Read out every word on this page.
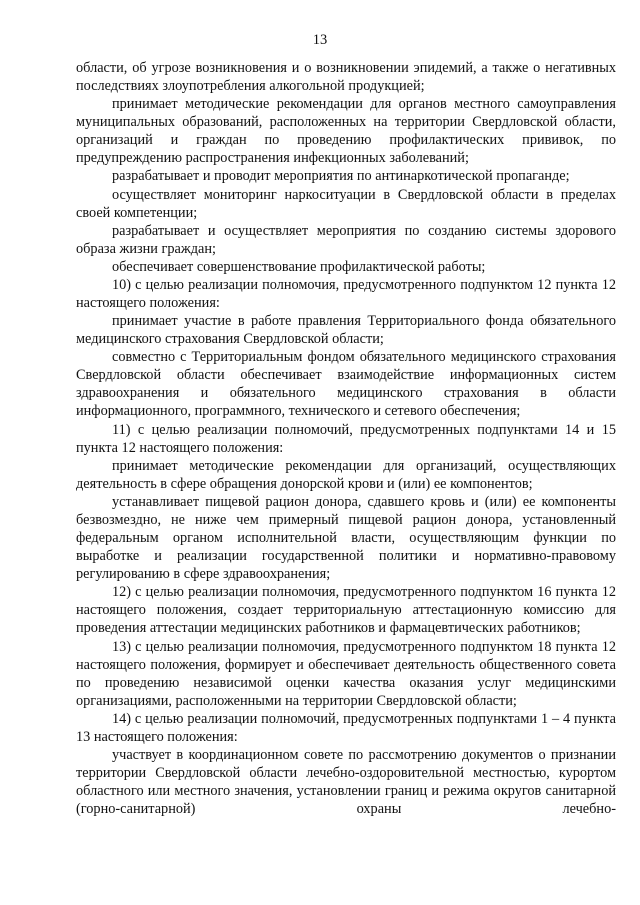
13

области, об угрозе возникновения и о возникновении эпидемий, а также о негативных последствиях злоупотребления алкогольной продукцией;

принимает методические рекомендации для органов местного самоуправления муниципальных образований, расположенных на территории Свердловской области, организаций и граждан по проведению профилактических прививок, по предупреждению распространения инфекционных заболеваний;

разрабатывает и проводит мероприятия по антинаркотической пропаганде;

осуществляет мониторинг наркоситуации в Свердловской области в пределах своей компетенции;

разрабатывает и осуществляет мероприятия по созданию системы здорового образа жизни граждан;

обеспечивает совершенствование профилактической работы;

10) с целью реализации полномочия, предусмотренного подпунктом 12 пункта 12 настоящего положения:

принимает участие в работе правления Территориального фонда обязательного медицинского страхования Свердловской области;

совместно с Территориальным фондом обязательного медицинского страхования Свердловской области обеспечивает взаимодействие информационных систем здравоохранения и обязательного медицинского страхования в области информационного, программного, технического и сетевого обеспечения;

11) с целью реализации полномочий, предусмотренных подпунктами 14 и 15 пункта 12 настоящего положения:

принимает методические рекомендации для организаций, осуществляющих деятельность в сфере обращения донорской крови и (или) ее компонентов;

устанавливает пищевой рацион донора, сдавшего кровь и (или) ее компоненты безвозмездно, не ниже чем примерный пищевой рацион донора, установленный федеральным органом исполнительной власти, осуществляющим функции по выработке и реализации государственной политики и нормативно-правовому регулированию в сфере здравоохранения;

12) с целью реализации полномочия, предусмотренного подпунктом 16 пункта 12 настоящего положения, создает территориальную аттестационную комиссию для проведения аттестации медицинских работников и фармацевтических работников;

13) с целью реализации полномочия, предусмотренного подпунктом 18 пункта 12 настоящего положения, формирует и обеспечивает деятельность общественного совета по проведению независимой оценки качества оказания услуг медицинскими организациями, расположенными на территории Свердловской области;

14) с целью реализации полномочий, предусмотренных подпунктами 1 – 4 пункта 13 настоящего положения:

участвует в координационном совете по рассмотрению документов о признании территории Свердловской области лечебно-оздоровительной местностью, курортом областного или местного значения, установлении границ и режима округов санитарной (горно-санитарной) охраны лечебно-
